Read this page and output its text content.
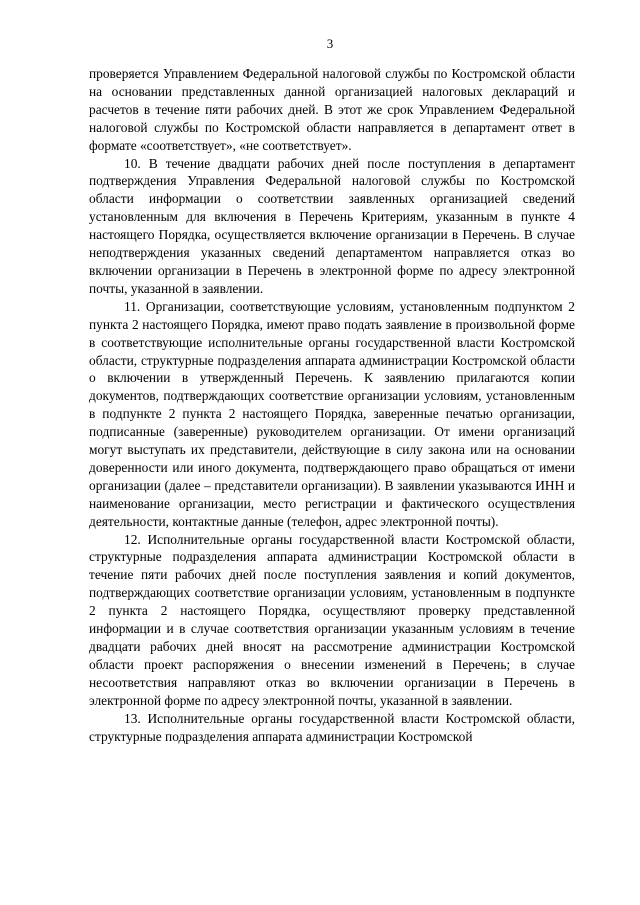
3

проверяется Управлением Федеральной налоговой службы по Костромской области на основании представленных данной организацией налоговых деклараций и расчетов в течение пяти рабочих дней. В этот же срок Управлением Федеральной налоговой службы по Костромской области направляется в департамент ответ в формате «соответствует», «не соответствует».

10. В течение двадцати рабочих дней после поступления в департамент подтверждения Управления Федеральной налоговой службы по Костромской области информации о соответствии заявленных организацией сведений установленным для включения в Перечень Критериям, указанным в пункте 4 настоящего Порядка, осуществляется включение организации в Перечень. В случае неподтверждения указанных сведений департаментом направляется отказ во включении организации в Перечень в электронной форме по адресу электронной почты, указанной в заявлении.

11. Организации, соответствующие условиям, установленным подпунктом 2 пункта 2 настоящего Порядка, имеют право подать заявление в произвольной форме в соответствующие исполнительные органы государственной власти Костромской области, структурные подразделения аппарата администрации Костромской области о включении в утвержденный Перечень. К заявлению прилагаются копии документов, подтверждающих соответствие организации условиям, установленным в подпункте 2 пункта 2 настоящего Порядка, заверенные печатью организации, подписанные (заверенные) руководителем организации. От имени организаций могут выступать их представители, действующие в силу закона или на основании доверенности или иного документа, подтверждающего право обращаться от имени организации (далее – представители организации). В заявлении указываются ИНН и наименование организации, место регистрации и фактического осуществления деятельности, контактные данные (телефон, адрес электронной почты).

12. Исполнительные органы государственной власти Костромской области, структурные подразделения аппарата администрации Костромской области в течение пяти рабочих дней после поступления заявления и копий документов, подтверждающих соответствие организации условиям, установленным в подпункте 2 пункта 2 настоящего Порядка, осуществляют проверку представленной информации и в случае соответствия организации указанным условиям в течение двадцати рабочих дней вносят на рассмотрение администрации Костромской области проект распоряжения о внесении изменений в Перечень; в случае несоответствия направляют отказ во включении организации в Перечень в электронной форме по адресу электронной почты, указанной в заявлении.

13. Исполнительные органы государственной власти Костромской области, структурные подразделения аппарата администрации Костромской
